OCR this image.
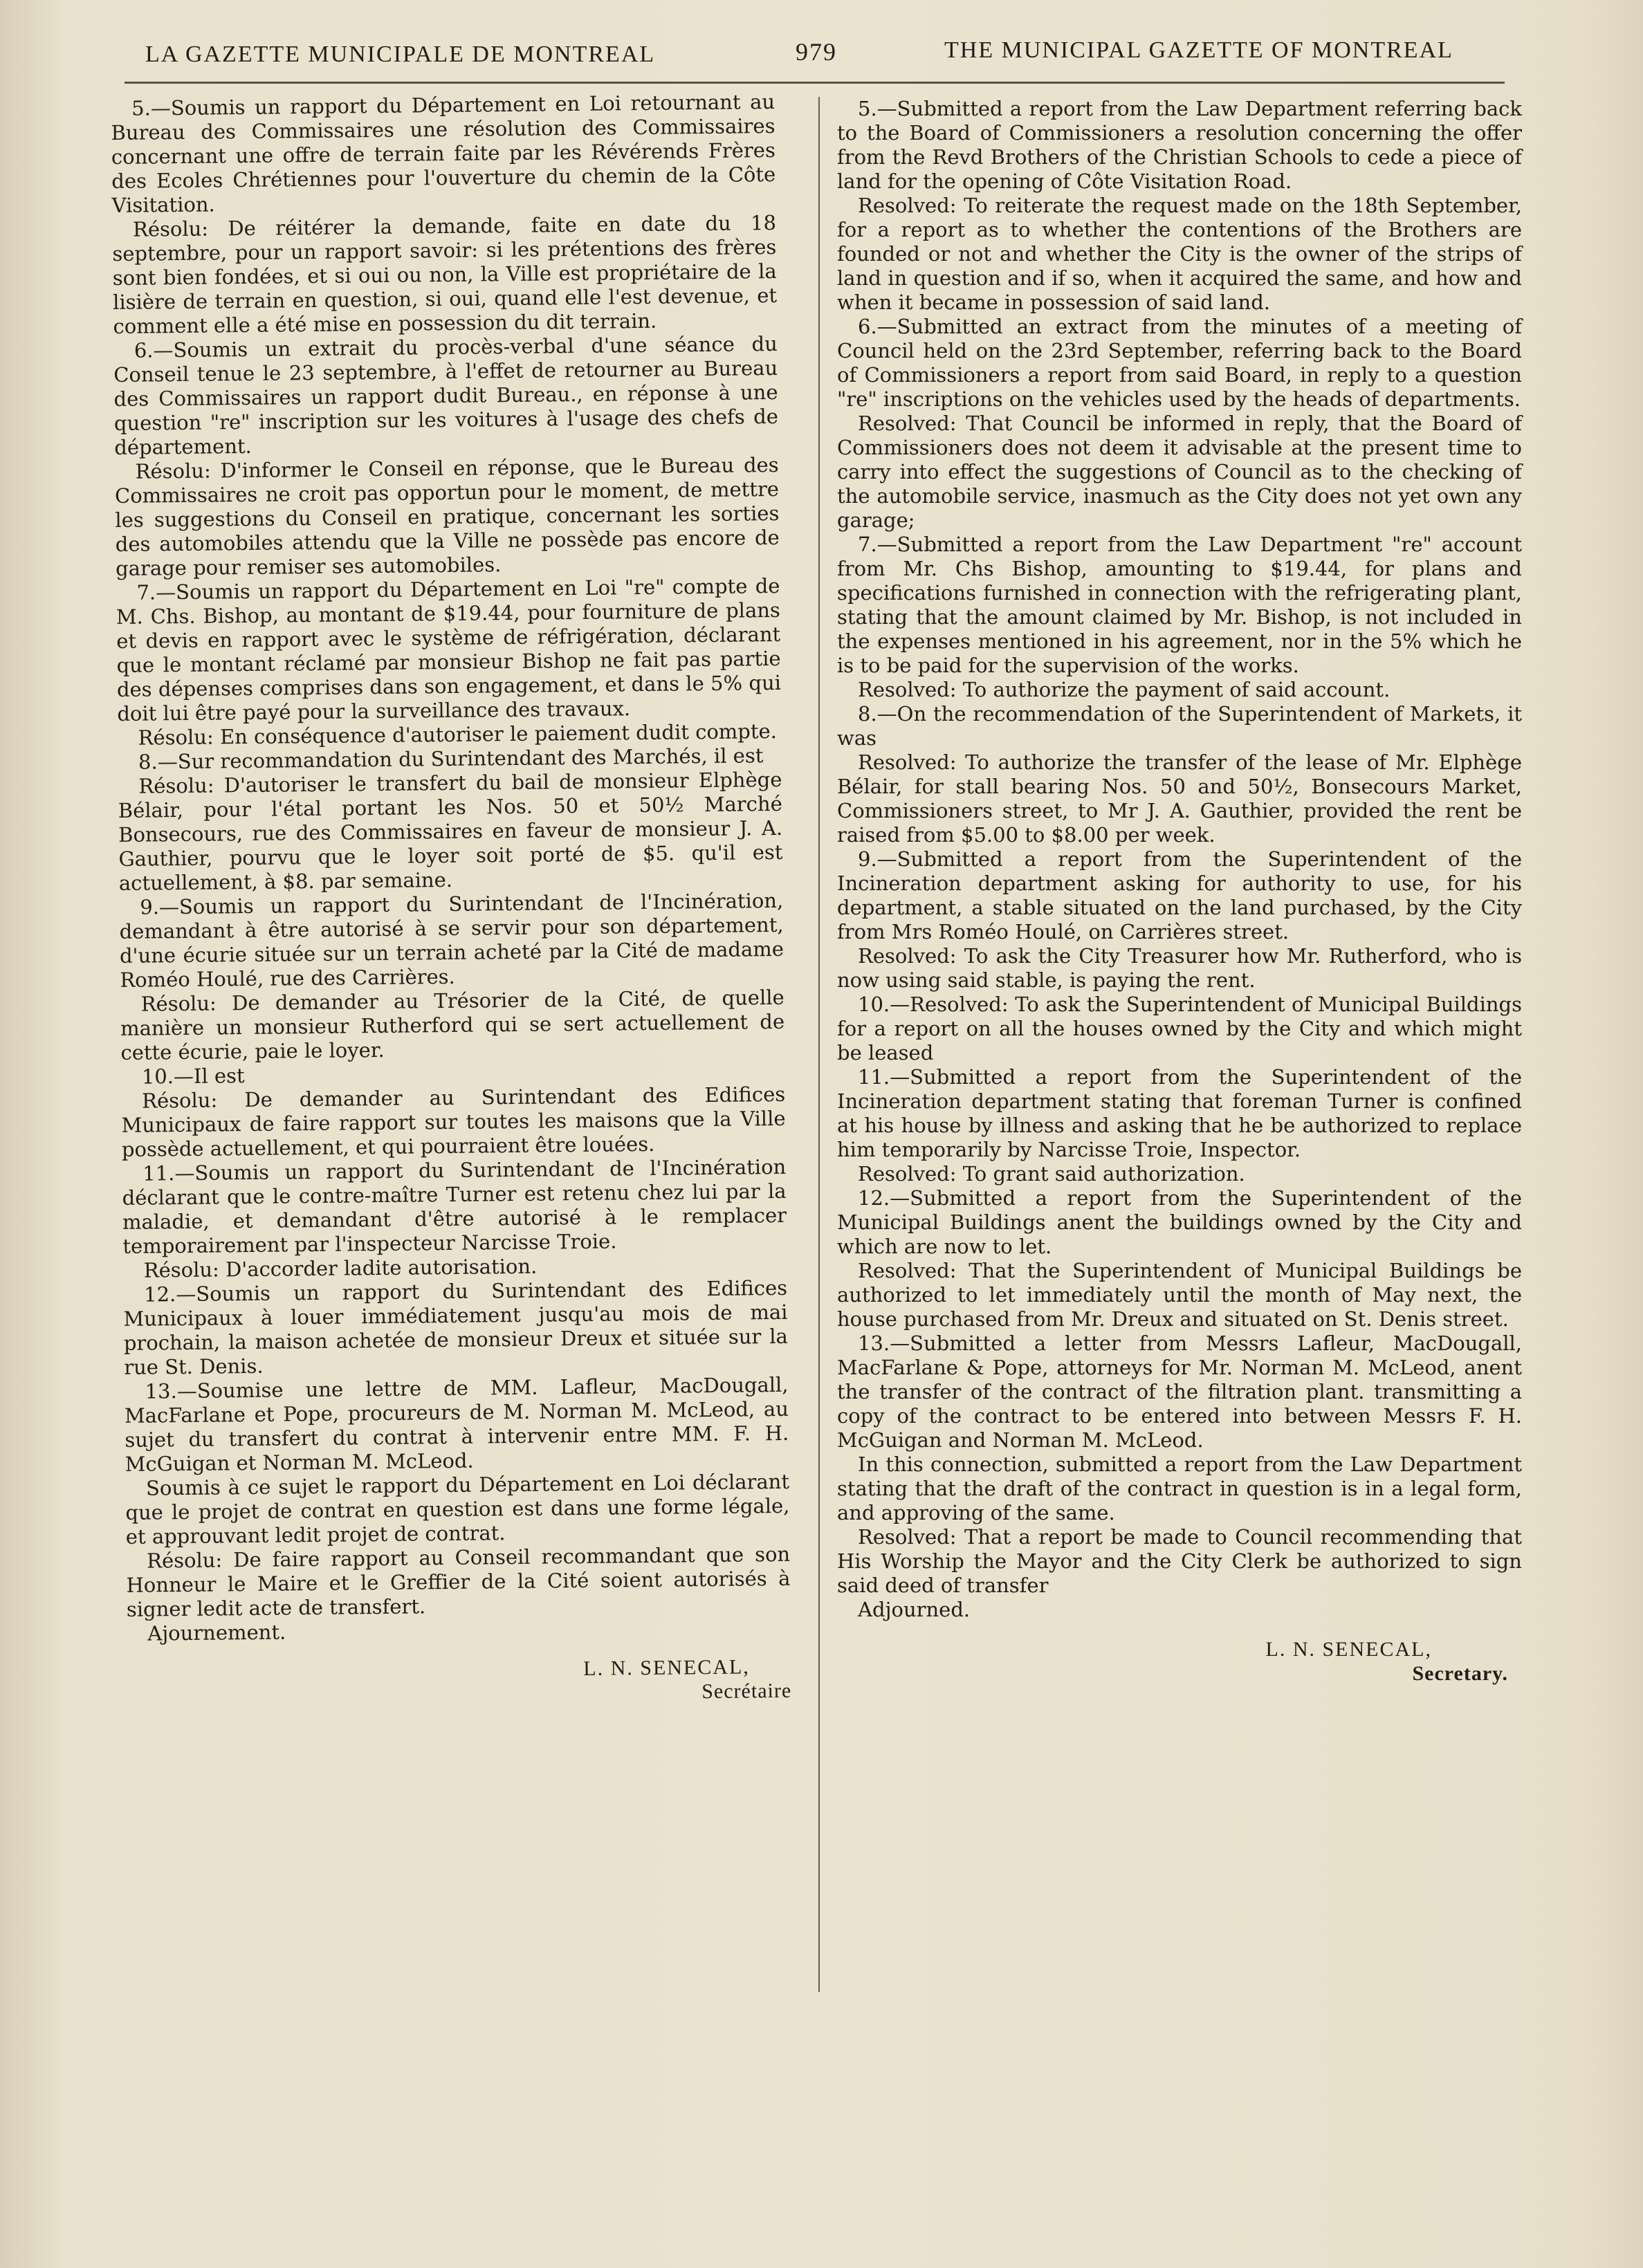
LA GAZETTE MUNICIPALE DE MONTREAL	979	THE MUNICIPAL GAZETTE OF MONTREAL

5.—Soumis un rapport du Département en Loi retournant au Bureau des Commissaires une résolution des Commissaires concernant une offre de terrain faite par les Révérends Frères des Ecoles Chrétiennes pour l'ouverture du chemin de la Côte Visitation.

Résolu: De réitérer la demande, faite en date du 18 septembre, pour un rapport savoir: si les prétentions des frères sont bien fondées, et si oui ou non, la Ville est propriétaire de la lisière de terrain en question, si oui, quand elle l'est devenue, et comment elle a été mise en possession du dit terrain.

6.—Soumis un extrait du procès-verbal d'une séance du Conseil tenue le 23 septembre, à l'effet de retourner au Bureau des Commissaires un rapport dudit Bureau., en réponse à une question "re" inscription sur les voitures à l'usage des chefs de département.

Résolu: D'informer le Conseil en réponse, que le Bureau des Commissaires ne croit pas opportun pour le moment, de mettre les suggestions du Conseil en pratique, concernant les sorties des automobiles attendu que la Ville ne possède pas encore de garage pour remiser ses automobiles.

7.—Soumis un rapport du Département en Loi "re" compte de M. Chs. Bishop, au montant de $19.44, pour fourniture de plans et devis en rapport avec le système de réfrigération, déclarant que le montant réclamé par monsieur Bishop ne fait pas partie des dépenses comprises dans son engagement, et dans le 5% qui doit lui être payé pour la surveillance des travaux.

Résolu: En conséquence d'autoriser le paiement dudit compte.

8.—Sur recommandation du Surintendant des Marchés, il est

Résolu: D'autoriser le transfert du bail de monsieur Elphège Bélair, pour l'étal portant les Nos. 50 et 50½ Marché Bonsecours, rue des Commissaires en faveur de monsieur J. A. Gauthier, pourvu que le loyer soit porté de $5. qu'il est actuellement, à $8. par semaine.

9.—Soumis un rapport du Surintendant de l'Incinération, demandant à être autorisé à se servir pour son département, d'une écurie située sur un terrain acheté par la Cité de madame Roméo Houlé, rue des Carrières.

Résolu: De demander au Trésorier de la Cité, de quelle manière un monsieur Rutherford qui se sert actuellement de cette écurie, paie le loyer.

10.—Il est

Résolu: De demander au Surintendant des Edifices Municipaux de faire rapport sur toutes les maisons que la Ville possède actuellement, et qui pourraient être louées.

11.—Soumis un rapport du Surintendant de l'Incinération déclarant que le contre-maître Turner est retenu chez lui par la maladie, et demandant d'être autorisé à le remplacer temporairement par l'inspecteur Narcisse Troie.

Résolu: D'accorder ladite autorisation.

12.—Soumis un rapport du Surintendant des Edifices Municipaux à louer immédiatement jusqu'au mois de mai prochain, la maison achetée de monsieur Dreux et située sur la rue St. Denis.

13.—Soumise une lettre de MM. Lafleur, MacDougall, MacFarlane et Pope, procureurs de M. Norman M. McLeod, au sujet du transfert du contrat à intervenir entre MM. F. H. McGuigan et Norman M. McLeod.

Soumis à ce sujet le rapport du Département en Loi déclarant que le projet de contrat en question est dans une forme légale, et approuvant ledit projet de contrat.

Résolu: De faire rapport au Conseil recommandant que son Honneur le Maire et le Greffier de la Cité soient autorisés à signer ledit acte de transfert.

Ajournement.

L. N. SENECAL,
Secrétaire

5.—Submitted a report from the Law Department referring back to the Board of Commissioners a resolution concerning the offer from the Revd Brothers of the Christian Schools to cede a piece of land for the opening of Côte Visitation Road.

Resolved: To reiterate the request made on the 18th September, for a report as to whether the contentions of the Brothers are founded or not and whether the City is the owner of the strips of land in question and if so, when it acquired the same, and how and when it became in possession of said land.

6.—Submitted an extract from the minutes of a meeting of Council held on the 23rd September, referring back to the Board of Commissioners a report from said Board, in reply to a question "re" inscriptions on the vehicles used by the heads of departments.

Resolved: That Council be informed in reply, that the Board of Commissioners does not deem it advisable at the present time to carry into effect the suggestions of Council as to the checking of the automobile service, inasmuch as the City does not yet own any garage;

7.—Submitted a report from the Law Department "re" account from Mr. Chs Bishop, amounting to $19.44, for plans and specifications furnished in connection with the refrigerating plant, stating that the amount claimed by Mr. Bishop, is not included in the expenses mentioned in his agreement, nor in the 5% which he is to be paid for the supervision of the works.

Resolved: To authorize the payment of said account.

8.—On the recommendation of the Superintendent of Markets, it was

Resolved: To authorize the transfer of the lease of Mr. Elphège Bélair, for stall bearing Nos. 50 and 50½, Bonsecours Market, Commissioners street, to Mr J. A. Gauthier, provided the rent be raised from $5.00 to $8.00 per week.

9.—Submitted a report from the Superintendent of the Incineration department asking for authority to use, for his department, a stable situated on the land purchased, by the City from Mrs Roméo Houlé, on Carrières street.

Resolved: To ask the City Treasurer how Mr. Rutherford, who is now using said stable, is paying the rent.

10.—Resolved: To ask the Superintendent of Municipal Buildings for a report on all the houses owned by the City and which might be leased

11.—Submitted a report from the Superintendent of the Incineration department stating that foreman Turner is confined at his house by illness and asking that he be authorized to replace him temporarily by Narcisse Troie, Inspector.

Resolved: To grant said authorization.

12.—Submitted a report from the Superintendent of the Municipal Buildings anent the buildings owned by the City and which are now to let.

Resolved: That the Superintendent of Municipal Buildings be authorized to let immediately until the month of May next, the house purchased from Mr. Dreux and situated on St. Denis street.

13.—Submitted a letter from Messrs Lafleur, MacDougall, MacFarlane & Pope, attorneys for Mr. Norman M. McLeod, anent the transfer of the contract of the filtration plant. transmitting a copy of the contract to be entered into between Messrs F. H. McGuigan and Norman M. McLeod.

In this connection, submitted a report from the Law Department stating that the draft of the contract in question is in a legal form, and approving of the same.

Resolved: That a report be made to Council recommending that His Worship the Mayor and the City Clerk be authorized to sign said deed of transfer

Adjourned.

L. N. SENECAL,
Secretary.
